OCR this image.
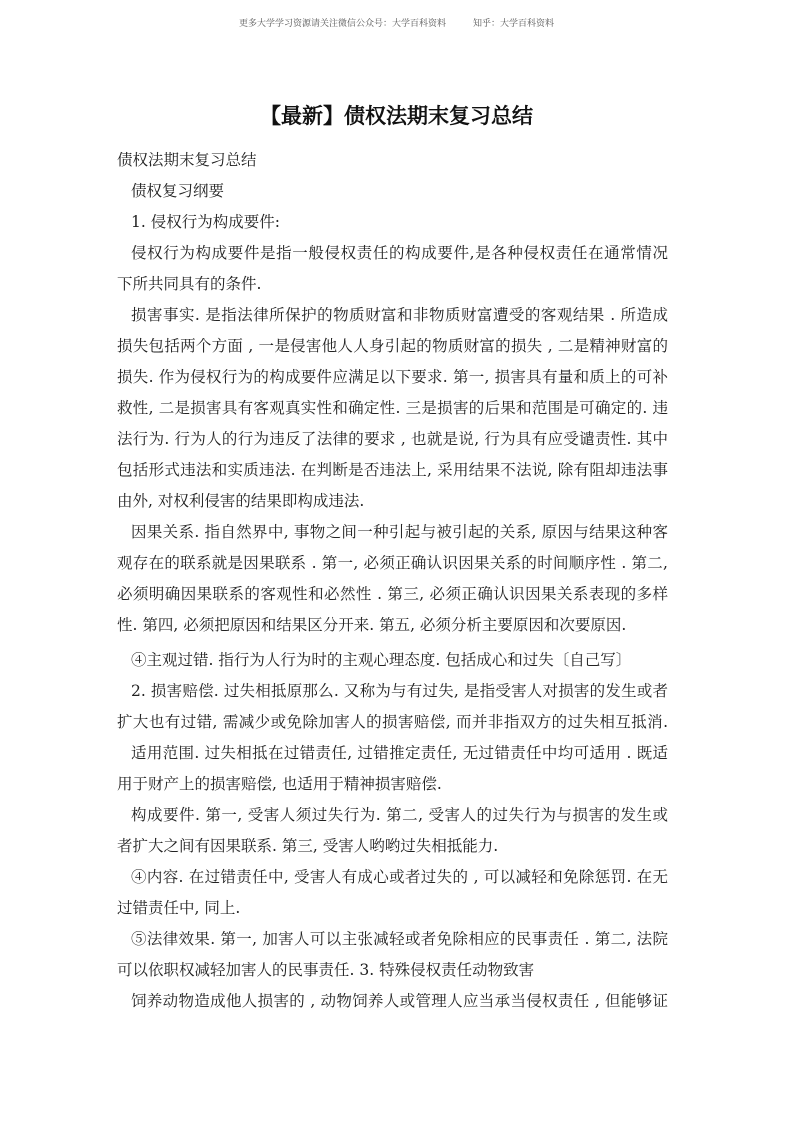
更多大学学习资源请关注微信公众号：大学百科资料	知乎：大学百科资料
【最新】债权法期末复习总结
债权法期末复习总结
债权复习纲要
1. 侵权行为构成要件:
侵权行为构成要件是指一般侵权责任的构成要件,是各种侵权责任在通常情况
下所共同具有的条件.
损害事实. 是指法律所保护的物质财富和非物质财富遭受的客观结果 . 所造成
损失包括两个方面 , 一是侵害他人人身引起的物质财富的损失 , 二是精神财富的
损失. 作为侵权行为的构成要件应满足以下要求. 第一, 损害具有量和质上的可补
救性, 二是损害具有客观真实性和确定性. 三是损害的后果和范围是可确定的. 违
法行为. 行为人的行为违反了法律的要求 , 也就是说, 行为具有应受谴责性. 其中
包括形式违法和实质违法. 在判断是否违法上, 采用结果不法说, 除有阻却违法事
由外, 对权利侵害的结果即构成违法.
因果关系. 指自然界中, 事物之间一种引起与被引起的关系, 原因与结果这种客
观存在的联系就是因果联系 . 第一, 必须正确认识因果关系的时间顺序性 . 第二,
必须明确因果联系的客观性和必然性 . 第三, 必须正确认识因果关系表现的多样
性. 第四, 必须把原因和结果区分开来. 第五, 必须分析主要原因和次要原因.
④主观过错. 指行为人行为时的主观心理态度. 包括成心和过失〔自己写〕
2. 损害赔偿. 过失相抵原那么. 又称为与有过失, 是指受害人对损害的发生或者
扩大也有过错, 需减少或免除加害人的损害赔偿, 而并非指双方的过失相互抵消.
适用范围. 过失相抵在过错责任, 过错推定责任, 无过错责任中均可适用 . 既适
用于财产上的损害赔偿, 也适用于精神损害赔偿.
构成要件. 第一, 受害人须过失行为. 第二, 受害人的过失行为与损害的发生或
者扩大之间有因果联系. 第三, 受害人哟哟过失相抵能力.
④内容. 在过错责任中, 受害人有成心或者过失的 , 可以减轻和免除惩罚. 在无
过错责任中, 同上.
⑤法律效果. 第一, 加害人可以主张减轻或者免除相应的民事责任 . 第二, 法院
可以依职权减轻加害人的民事责任. 3. 特殊侵权责任动物致害
饲养动物造成他人损害的 , 动物饲养人或管理人应当承当侵权责任 , 但能够证
